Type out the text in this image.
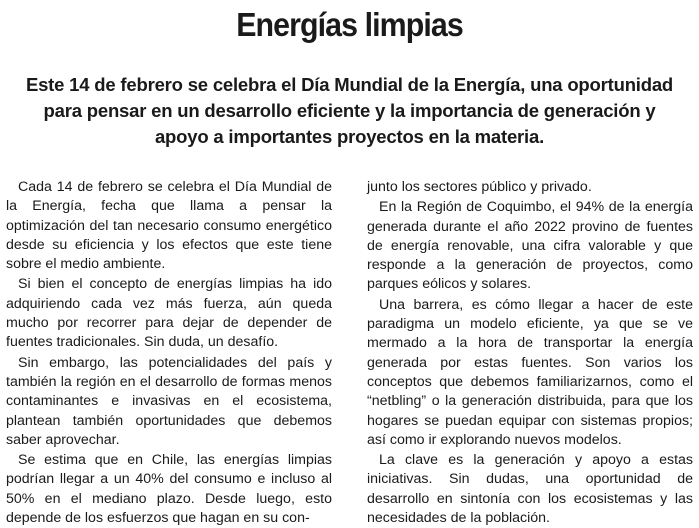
Energías limpias

Este 14 de febrero se celebra el Día Mundial de la Energía, una oportunidad para pensar en un desarrollo eficiente y la importancia de generación y apoyo a importantes proyectos en la materia.

Cada 14 de febrero se celebra el Día Mundial de la Energía, fecha que llama a pensar la optimización del tan necesario consumo energético desde su eficiencia y los efectos que este tiene sobre el medio ambiente.

Si bien el concepto de energías limpias ha ido adquiriendo cada vez más fuerza, aún queda mucho por recorrer para dejar de depender de fuentes tradicionales. Sin duda, un desafío.

Sin embargo, las potencialidades del país y también la región en el desarrollo de formas menos contaminantes e invasivas en el ecosistema, plantean también oportunidades que debemos saber aprovechar.

Se estima que en Chile, las energías limpias podrían llegar a un 40% del consumo e incluso al 50% en el mediano plazo. Desde luego, esto depende de los esfuerzos que hagan en su con-

junto los sectores público y privado.

En la Región de Coquimbo, el 94% de la energía generada durante el año 2022 provino de fuentes de energía renovable, una cifra valorable y que responde a la generación de proyectos, como parques eólicos y solares.

Una barrera, es cómo llegar a hacer de este paradigma un modelo eficiente, ya que se ve mermado a la hora de transportar la energía generada por estas fuentes. Son varios los conceptos que debemos familiarizarnos, como el “netbling” o la generación distribuida, para que los hogares se puedan equipar con sistemas propios; así como ir explorando nuevos modelos.

La clave es la generación y apoyo a estas iniciativas. Sin dudas, una oportunidad de desarrollo en sintonía con los ecosistemas y las necesidades de la población.
